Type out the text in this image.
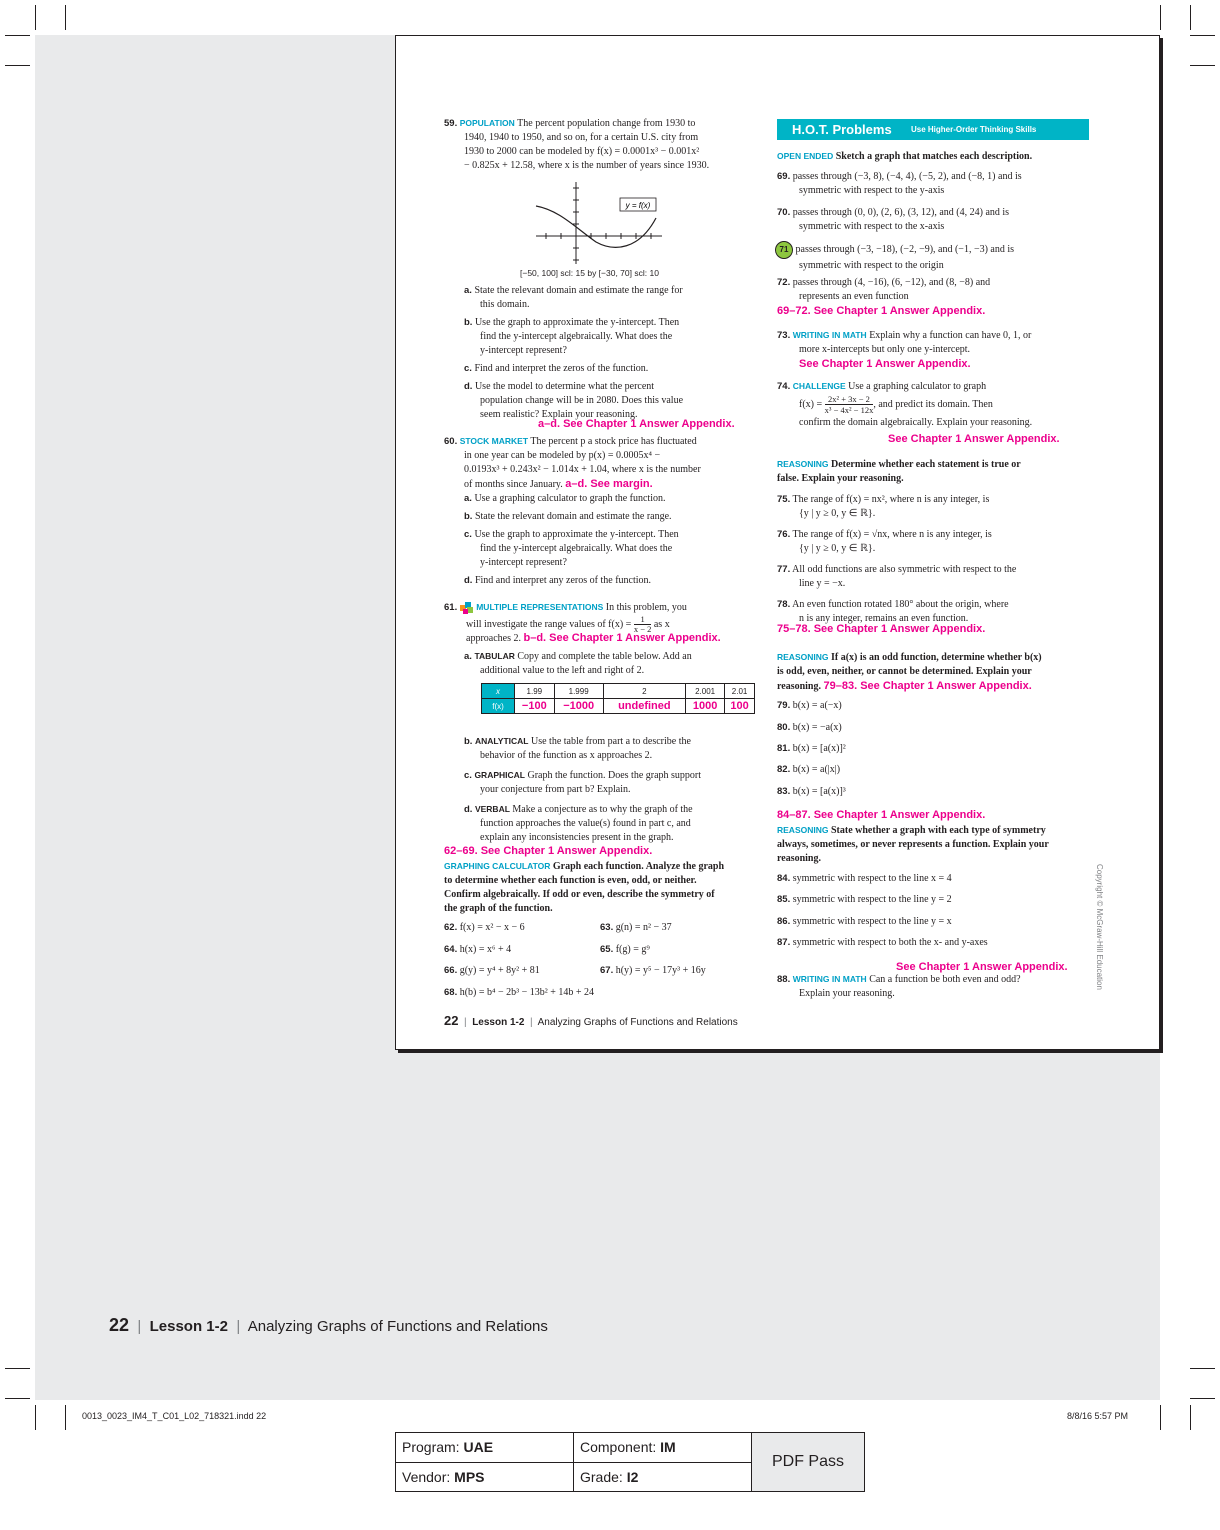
59. POPULATION The percent population change from 1930 to
1940, 1940 to 1950, and so on, for a certain U.S. city from
1930 to 2000 can be modeled by f(x) = 0.0001x³ − 0.001x²
− 0.825x + 12.58, where x is the number of years since 1930.
y = f(x)
[−50, 100] scl: 15 by [−30, 70] scl: 10
a. State the relevant domain and estimate the range for
this domain.
b. Use the graph to approximate the y-intercept. Then
find the y-intercept algebraically. What does the
y-intercept represent?
c. Find and interpret the zeros of the function.
d. Use the model to determine what the percent
population change will be in 2080. Does this value
seem realistic? Explain your reasoning.
a–d. See Chapter 1 Answer Appendix.
60. STOCK MARKET The percent p a stock price has fluctuated
in one year can be modeled by p(x) = 0.0005x⁴ −
0.0193x³ + 0.243x² − 1.014x + 1.04, where x is the number
of months since January. a–d. See margin.
a. Use a graphing calculator to graph the function.
b. State the relevant domain and estimate the range.
c. Use the graph to approximate the y-intercept. Then
find the y-intercept algebraically. What does the
y-intercept represent?
d. Find and interpret any zeros of the function.
61. MULTIPLE REPRESENTATIONS In this problem, you
will investigate the range values of $f(x) = \frac{1}{x - 2}$ as x
approaches 2. b–d. See Chapter 1 Answer Appendix.
a. TABULAR Copy and complete the table below. Add an
additional value to the left and right of 2.
x	1.99	1.999	2	2.001	2.01
f(x)	−100	−1000	undefined	1000	100
b. ANALYTICAL Use the table from part a to describe the
behavior of the function as x approaches 2.
c. GRAPHICAL Graph the function. Does the graph support
your conjecture from part b? Explain.
d. VERBAL Make a conjecture as to why the graph of the
function approaches the value(s) found in part c, and
explain any inconsistencies present in the graph.
62–69. See Chapter 1 Answer Appendix.
GRAPHING CALCULATOR Graph each function. Analyze the graph
to determine whether each function is even, odd, or neither.
Confirm algebraically. If odd or even, describe the symmetry of
the graph of the function.
62. f(x) = x² − x − 6	63. g(n) = n² − 37
64. h(x) = x⁶ + 4	65. f(g) = g⁹
66. g(y) = y⁴ + 8y² + 81	67. h(y) = y⁵ − 17y³ + 16y
68. h(b) = b⁴ − 2b³ − 13b² + 14b + 24
H.O.T. Problems Use Higher-Order Thinking Skills
OPEN ENDED Sketch a graph that matches each description.
69. passes through (−3, 8), (−4, 4), (−5, 2), and (−8, 1) and is
symmetric with respect to the y-axis
70. passes through (0, 0), (2, 6), (3, 12), and (4, 24) and is
symmetric with respect to the x-axis
71 passes through (−3, −18), (−2, −9), and (−1, −3) and is
symmetric with respect to the origin
72. passes through (4, −16), (6, −12), and (8, −8) and
represents an even function
69–72. See Chapter 1 Answer Appendix.
73. WRITING IN MATH Explain why a function can have 0, 1, or
more x-intercepts but only one y-intercept.
See Chapter 1 Answer Appendix.
74. CHALLENGE Use a graphing calculator to graph
$f(x) = \frac{\text{2x² + 3x − 2}}{\text{x³ − 4x² − 12x}}$ , and predict its domain. Then
confirm the domain algebraically. Explain your reasoning.
See Chapter 1 Answer Appendix.
REASONING Determine whether each statement is true or
false. Explain your reasoning.
75. The range of f(x) = nx², where n is any integer, is
{y | y ≥ 0, y ∈ ℝ}.
76. The range of f(x) = √nx, where n is any integer, is
{y | y ≥ 0, y ∈ ℝ}.
77. All odd functions are also symmetric with respect to the
line y = −x.
78. An even function rotated 180° about the origin, where
n is any integer, remains an even function.
75–78. See Chapter 1 Answer Appendix.
REASONING If a(x) is an odd function, determine whether b(x)
is odd, even, neither, or cannot be determined. Explain your
reasoning. 79–83. See Chapter 1 Answer Appendix.
79. b(x) = a(−x)
80. b(x) = −a(x)
81. b(x) = [a(x)]²
82. b(x) = a(|x|)
83. b(x) = [a(x)]³
84–87. See Chapter 1 Answer Appendix.
REASONING State whether a graph with each type of symmetry
always, sometimes, or never represents a function. Explain your
reasoning.
84. symmetric with respect to the line x = 4
85. symmetric with respect to the line y = 2
86. symmetric with respect to the line y = x
87. symmetric with respect to both the x- and y-axes
See Chapter 1 Answer Appendix.
88. WRITING IN MATH Can a function be both even and odd?
Explain your reasoning.
Copyright © McGraw-Hill Education
22  |  Lesson 1-2  |  Analyzing Graphs of Functions and Relations
22  |  Lesson 1-2  |  Analyzing Graphs of Functions and Relations
0013_0023_IM4_T_C01_L02_718321.indd 22	8/8/16 5:57 PM
Program: UAE	Component: IM	PDF Pass
Vendor: MPS	Grade: I2	
